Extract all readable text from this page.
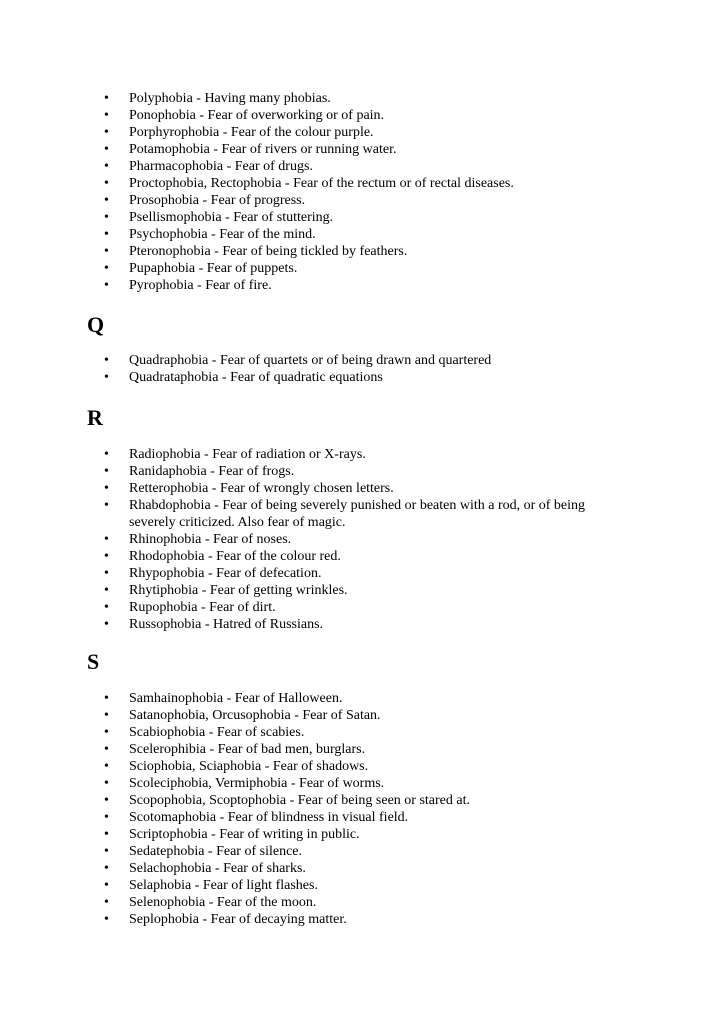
• Polyphobia - Having many phobias.
• Ponophobia - Fear of overworking or of pain.
• Porphyrophobia - Fear of the colour purple.
• Potamophobia - Fear of rivers or running water.
• Pharmacophobia - Fear of drugs.
• Proctophobia, Rectophobia - Fear of the rectum or of rectal diseases.
• Prosophobia - Fear of progress.
• Psellismophobia - Fear of stuttering.
• Psychophobia - Fear of the mind.
• Pteronophobia - Fear of being tickled by feathers.
• Pupaphobia - Fear of puppets.
• Pyrophobia - Fear of fire.
Q
• Quadraphobia - Fear of quartets or of being drawn and quartered
• Quadrataphobia - Fear of quadratic equations
R
• Radiophobia - Fear of radiation or X-rays.
• Ranidaphobia - Fear of frogs.
• Retterophobia - Fear of wrongly chosen letters.
• Rhabdophobia - Fear of being severely punished or beaten with a rod, or of being severely criticized. Also fear of magic.
• Rhinophobia - Fear of noses.
• Rhodophobia - Fear of the colour red.
• Rhypophobia - Fear of defecation.
• Rhytiphobia - Fear of getting wrinkles.
• Rupophobia - Fear of dirt.
• Russophobia - Hatred of Russians.
S
• Samhainophobia - Fear of Halloween.
• Satanophobia, Orcusophobia - Fear of Satan.
• Scabiophobia - Fear of scabies.
• Scelerophibia - Fear of bad men, burglars.
• Sciophobia, Sciaphobia - Fear of shadows.
• Scoleciphobia, Vermiphobia - Fear of worms.
• Scopophobia, Scoptophobia - Fear of being seen or stared at.
• Scotomaphobia - Fear of blindness in visual field.
• Scriptophobia - Fear of writing in public.
• Sedatephobia - Fear of silence.
• Selachophobia - Fear of sharks.
• Selaphobia - Fear of light flashes.
• Selenophobia - Fear of the moon.
• Seplophobia - Fear of decaying matter.
